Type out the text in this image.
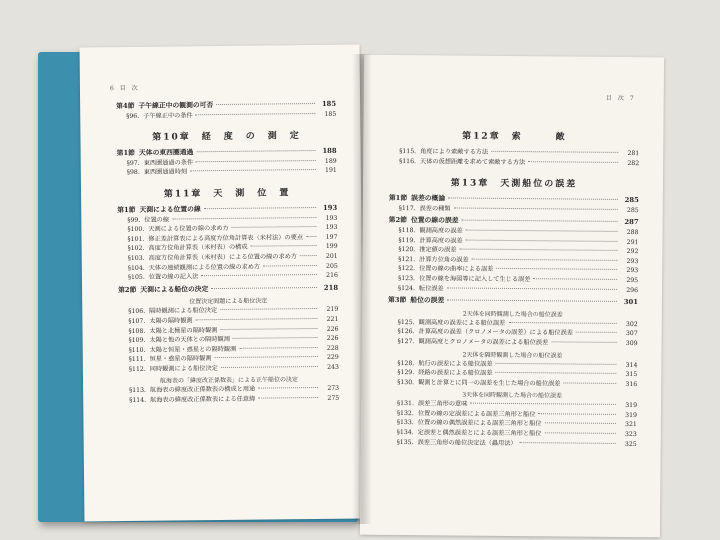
6　目　次
第4節 子午線正中の観測の可否	185
§96. 子午線正中の条件	185
第10章　経　度　の　測　定
第1節 天体の東西圏通過	188
§97. 東西圏通過の条件	189
§98. 東西圏通過時刻	191
第11章　天　測　位　置
第1節 天測による位置の線	193
§99. 位置の線	193
§100. 天測による位置の線の求め方	193
§101. 修正差計算表による高度方位角計算表（米村法）の要点	197
§102. 高度方位角計算表（米村表）の構成	199
§103. 高度方位角計算表（米村表）による位置の線の求め方	201
§104. 天体の連続観測による位置の線の求め方	205
§105. 位置の線の記入法	216
第2節 天測による船位の決定	218
位置決定間題による船位決定
§106. 隔時観測による船位決定	219
§107. 太陽の隔時観測	221
§108. 太陽と北極星の隔時観測	226
§109. 太陽と他の天体との隔時観測	226
§110. 太陽と恒星・惑星との隔時観測	228
§111. 恒星・惑星の隔時観測	229
§112. 同時観測による船位決定	243
航海表の「緯度改正係数表」による正午船位の決定
§113. 航海表の緯度改正係数表の構成と用途	273
§114. 航海表の緯度改正係数表による任意緯	275
目　次　7
第12章　索　　　敵
§115. 角度により索敵する方法	281
§116. 天体の仮想距離を求めて索敵する方法	282
第13章　天測船位の誤差
第1節 誤差の概論	285
§117. 誤差の種類	285
第2節 位置の線の誤差	287
§118. 観測高度の誤差	288
§119. 計算高度の誤差	291
§120. 推定値の誤差	292
§121. 計算方位角の誤差	293
§122. 位置の線の曲率による誤差	293
§123. 位置の線を海図等に記入して生じる誤差	295
§124. 転位誤差	296
第3節 船位の誤差	301
2天体を同時観測した場合の船位誤差
§125. 観測高度の誤差による船位誤差	302
§126. 計算高度の誤差（クロノメータの誤差）による船位誤差	307
§127. 観測高度とクロノメータの誤差による船位誤差	309
2天体を隔時観測した場合の船位誤差
§128. 航行の誤差による船位誤差	314
§129. 経路の誤差による船位誤差	315
§130. 観測と計算とに同一の誤差を生じた場合の船位誤差	316
3天体を同時観測した場合の船位誤差
§131. 誤差三角形の意味	319
§132. 位置の線の定誤差による誤差三角形と船位	319
§133. 位置の線の偶然誤差による誤差三角形と船位	321
§134. 定誤差と偶然誤差とによる誤差三角形と船位	323
§135. 誤差三角形の船位決定法（蟲用法）	325
